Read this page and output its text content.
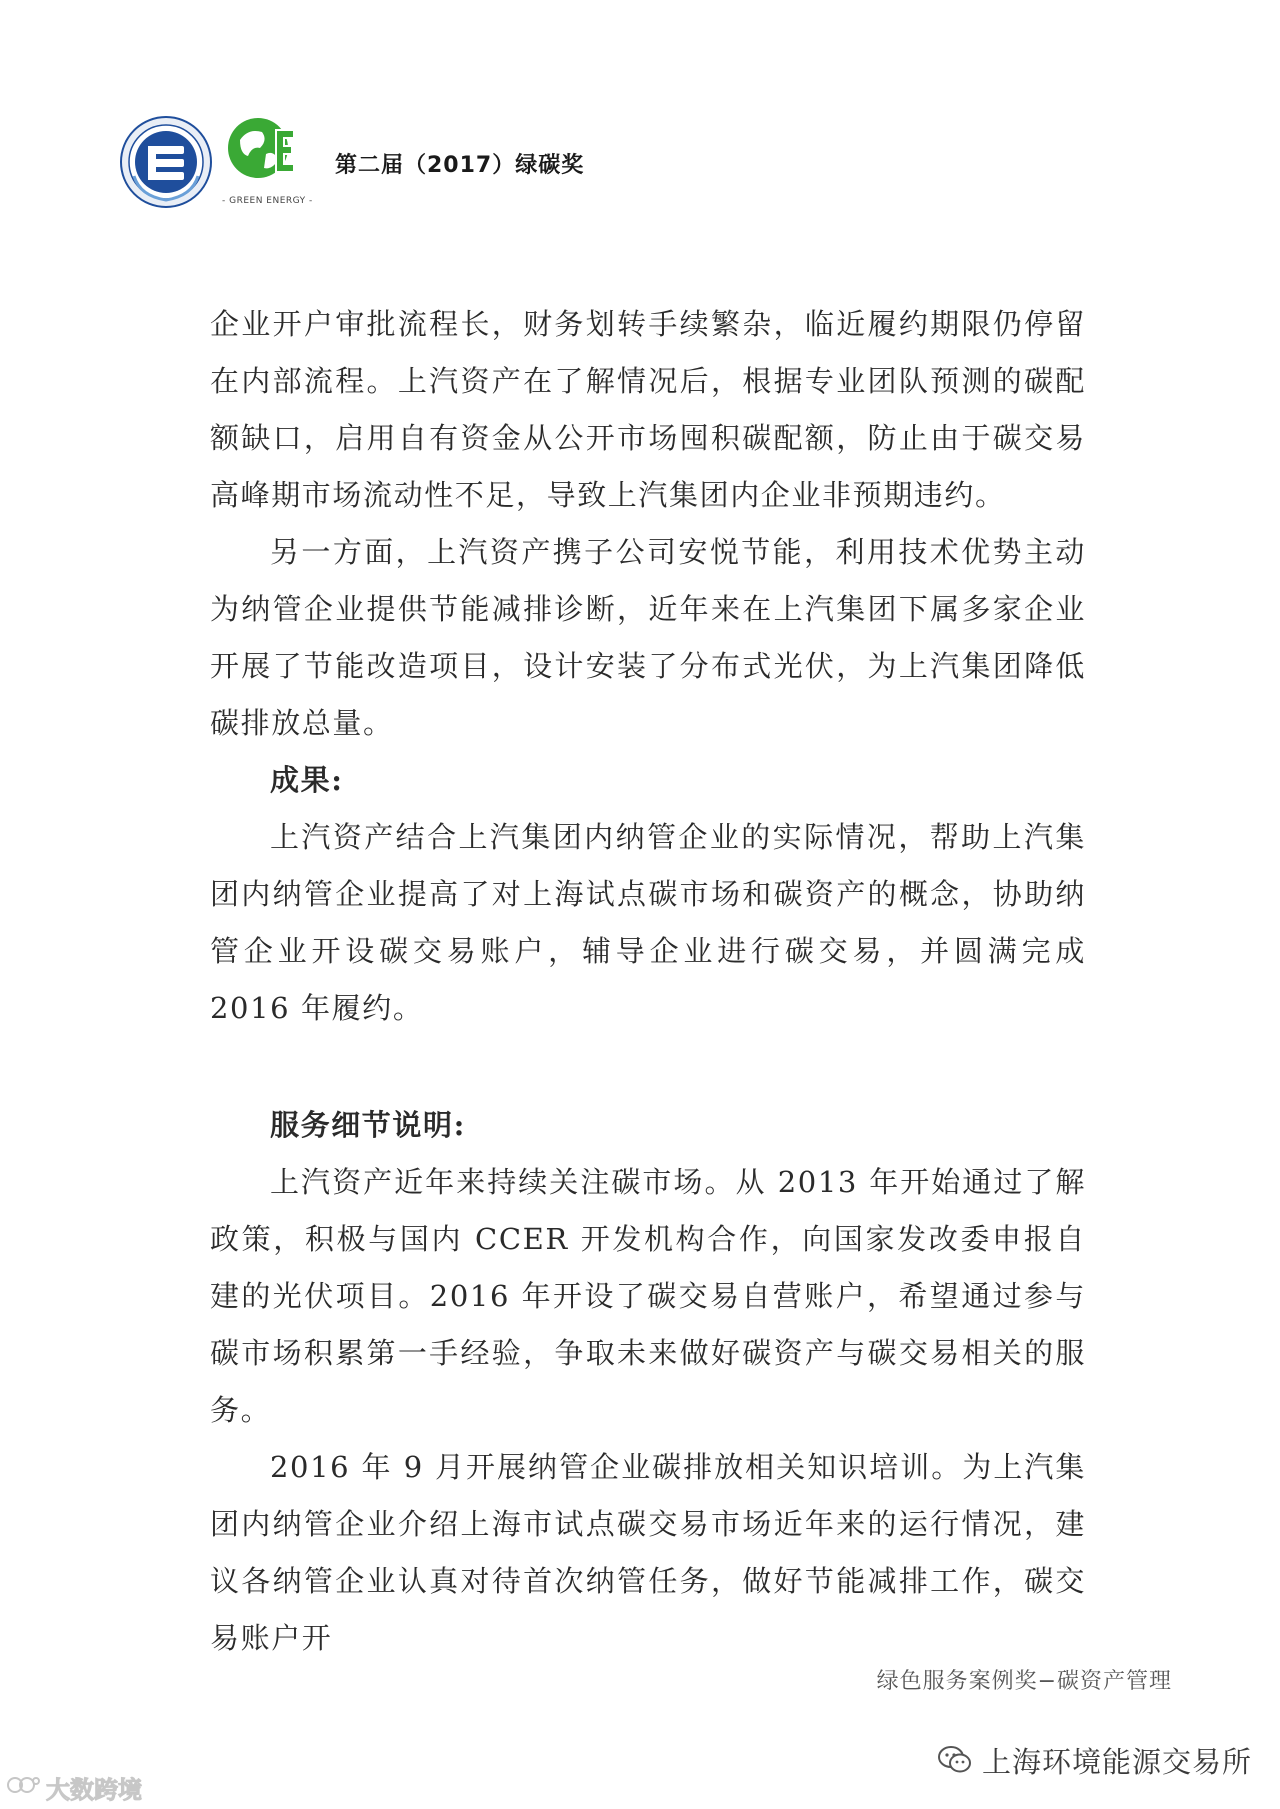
- GREEN ENERGY -
第二届（2017）绿碳奖

企业开户审批流程长，财务划转手续繁杂，临近履约期限仍停留在内部流程。上汽资产在了解情况后，根据专业团队预测的碳配额缺口，启用自有资金从公开市场囤积碳配额，防止由于碳交易高峰期市场流动性不足，导致上汽集团内企业非预期违约。

另一方面，上汽资产携子公司安悦节能，利用技术优势主动为纳管企业提供节能减排诊断，近年来在上汽集团下属多家企业开展了节能改造项目，设计安装了分布式光伏，为上汽集团降低碳排放总量。

成果:

上汽资产结合上汽集团内纳管企业的实际情况，帮助上汽集团内纳管企业提高了对上海试点碳市场和碳资产的概念，协助纳管企业开设碳交易账户，辅导企业进行碳交易，并圆满完成 2016 年履约。

服务细节说明:

上汽资产近年来持续关注碳市场。从 2013 年开始通过了解政策，积极与国内 CCER 开发机构合作，向国家发改委申报自建的光伏项目。2016 年开设了碳交易自营账户，希望通过参与碳市场积累第一手经验，争取未来做好碳资产与碳交易相关的服务。

2016 年 9 月开展纳管企业碳排放相关知识培训。为上汽集团内纳管企业介绍上海市试点碳交易市场近年来的运行情况，建议各纳管企业认真对待首次纳管任务，做好节能减排工作，碳交易账户开

绿色服务案例奖−碳资产管理
上海环境能源交易所
大数跨境
